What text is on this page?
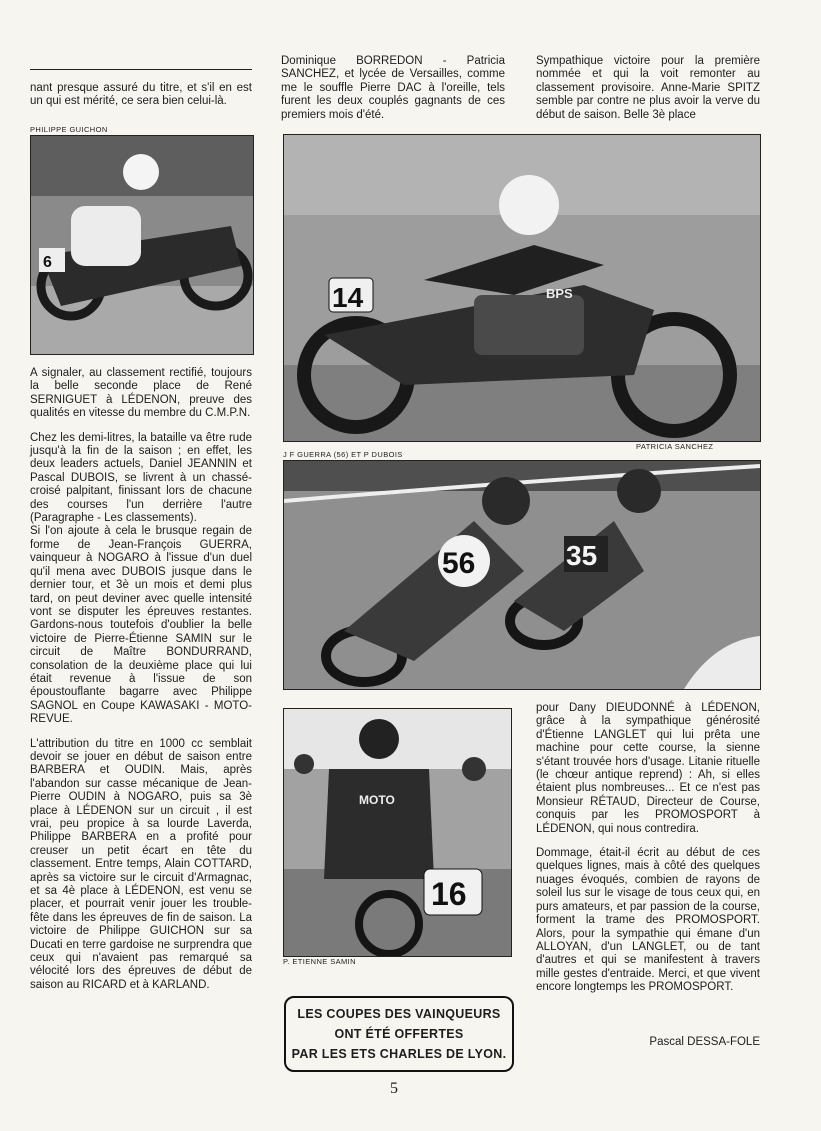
nant presque assuré du titre, et s'il en est un qui est mérité, ce sera bien celui-là.

PHILIPPE GUICHON
6

A signaler, au classement rectifié, toujours la belle seconde place de René SERNIGUET à LÉDENON, preuve des qualités en vitesse du membre du C.M.P.N.

Chez les demi-litres, la bataille va être rude jusqu'à la fin de la saison ; en effet, les deux leaders actuels, Daniel JEANNIN et Pascal DUBOIS, se livrent à un chassé-croisé palpitant, finissant lors de chacune des courses l'un derrière l'autre (Paragraphe - Les classements).

Si l'on ajoute à cela le brusque regain de forme de Jean-François GUERRA, vainqueur à NOGARO à l'issue d'un duel qu'il mena avec DUBOIS jusque dans le dernier tour, et 3è un mois et demi plus tard, on peut deviner avec quelle intensité vont se disputer les épreuves restantes. Gardons-nous toutefois d'oublier la belle victoire de Pierre-Étienne SAMIN sur le circuit de Maître BONDURRAND, consolation de la deuxième place qui lui était revenue à l'issue de son époustouflante bagarre avec Philippe SAGNOL en Coupe KAWASAKI - MOTO-REVUE.

L'attribution du titre en 1000 cc semblait devoir se jouer en début de saison entre BARBERA et OUDIN. Mais, après l'abandon sur casse mécanique de Jean-Pierre OUDIN à NOGARO, puis sa 3è place à LÉDENON sur un circuit , il est vrai, peu propice à sa lourde Laverda, Philippe BARBERA en a profité pour creuser un petit écart en tête du classement. Entre temps, Alain COTTARD, après sa victoire sur le circuit d'Armagnac, et sa 4è place à LÉDENON, est venu se placer, et pourrait venir jouer les trouble-fête dans les épreuves de fin de saison. La victoire de Philippe GUICHON sur sa Ducati en terre gardoise ne surprendra que ceux qui n'avaient pas remarqué sa vélocité lors des épreuves de début de saison au RICARD et à KARLAND.

Dominique BORREDON - Patricia SANCHEZ, et lycée de Versailles, comme me le souffle Pierre DAC à l'oreille, tels furent les deux couplés gagnants de ces premiers mois d'été.

Sympathique victoire pour la première nommée et qui la voit remonter au classement provisoire. Anne-Marie SPITZ semble par contre ne plus avoir la verve du début de saison. Belle 3è place

14	BPS
PATRICIA SANCHEZ
J F GUERRA (56) ET P DUBOIS
56	35
MOTO
16
P. ETIENNE SAMIN
LES COUPES DES VAINQUEURS
ONT ÉTÉ OFFERTES
PAR LES ETS CHARLES DE LYON.

pour Dany DIEUDONNÉ à LÉDENON, grâce à la sympathique générosité d'Étienne LANGLET qui lui prêta une machine pour cette course, la sienne s'étant trouvée hors d'usage. Litanie rituelle (le chœur antique reprend) : Ah, si elles étaient plus nombreuses... Et ce n'est pas Monsieur RÉTAUD, Directeur de Course, conquis par les PROMOSPORT à LÉDENON, qui nous contredira.

Dommage, était-il écrit au début de ces quelques lignes, mais à côté des quelques nuages évoqués, combien de rayons de soleil lus sur le visage de tous ceux qui, en purs amateurs, et par passion de la course, forment la trame des PROMOSPORT. Alors, pour la sympathie qui émane d'un ALLOYAN, d'un LANGLET, ou de tant d'autres et qui se manifestent à travers mille gestes d'entraide. Merci, et que vivent encore longtemps les PROMOSPORT.

Pascal DESSA-FOLE
5
